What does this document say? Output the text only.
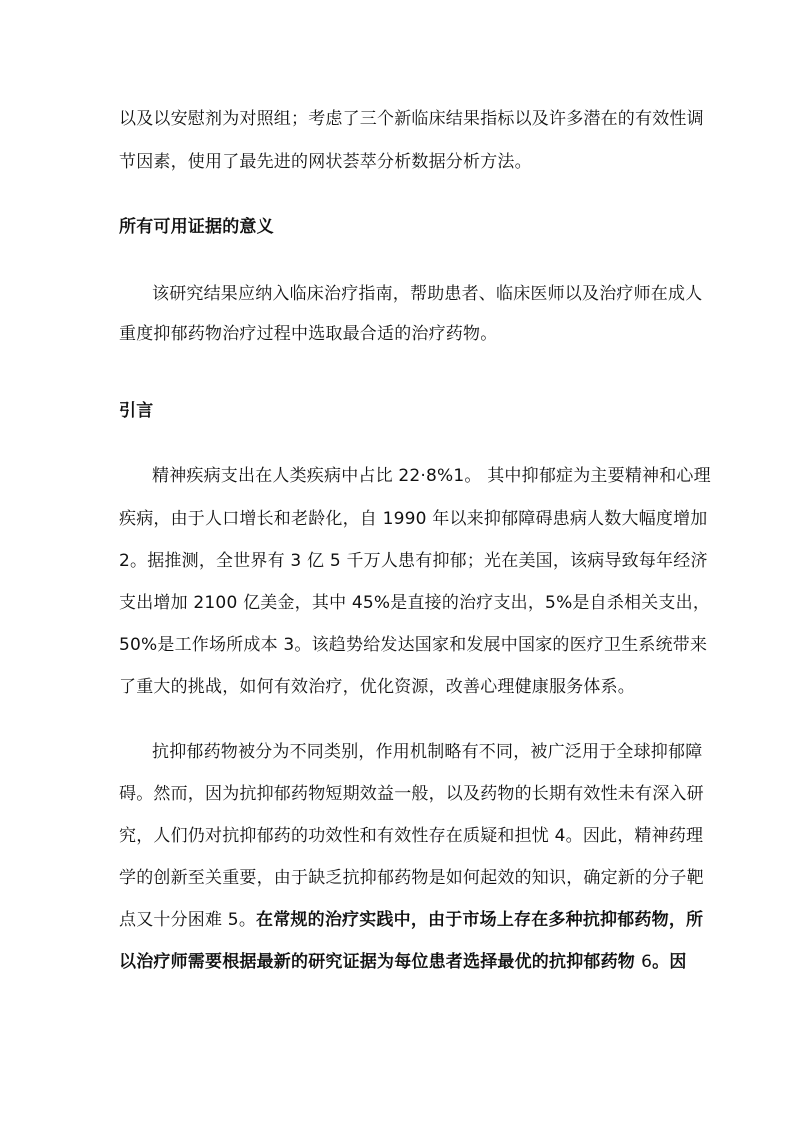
以及以安慰剂为对照组；考虑了三个新临床结果指标以及许多潜在的有效性调
节因素，使用了最先进的网状荟萃分析数据分析方法。
所有可用证据的意义
该研究结果应纳入临床治疗指南，帮助患者、临床医师以及治疗师在成人
重度抑郁药物治疗过程中选取最合适的治疗药物。
引言
精神疾病支出在人类疾病中占比 22·8%1。 其中抑郁症为主要精神和心理
疾病，由于人口增长和老龄化，自 1990 年以来抑郁障碍患病人数大幅度增加
2。据推测，全世界有 3 亿 5 千万人患有抑郁；光在美国，该病导致每年经济
支出增加 2100 亿美金，其中 45%是直接的治疗支出，5%是自杀相关支出，
50%是工作场所成本 3。该趋势给发达国家和发展中国家的医疗卫生系统带来
了重大的挑战，如何有效治疗，优化资源，改善心理健康服务体系。
抗抑郁药物被分为不同类别，作用机制略有不同，被广泛用于全球抑郁障
碍。然而，因为抗抑郁药物短期效益一般，以及药物的长期有效性未有深入研
究，人们仍对抗抑郁药的功效性和有效性存在质疑和担忧 4。因此，精神药理
学的创新至关重要，由于缺乏抗抑郁药物是如何起效的知识，确定新的分子靶
点又十分困难 5。在常规的治疗实践中，由于市场上存在多种抗抑郁药物，所
以治疗师需要根据最新的研究证据为每位患者选择最优的抗抑郁药物 6。因
